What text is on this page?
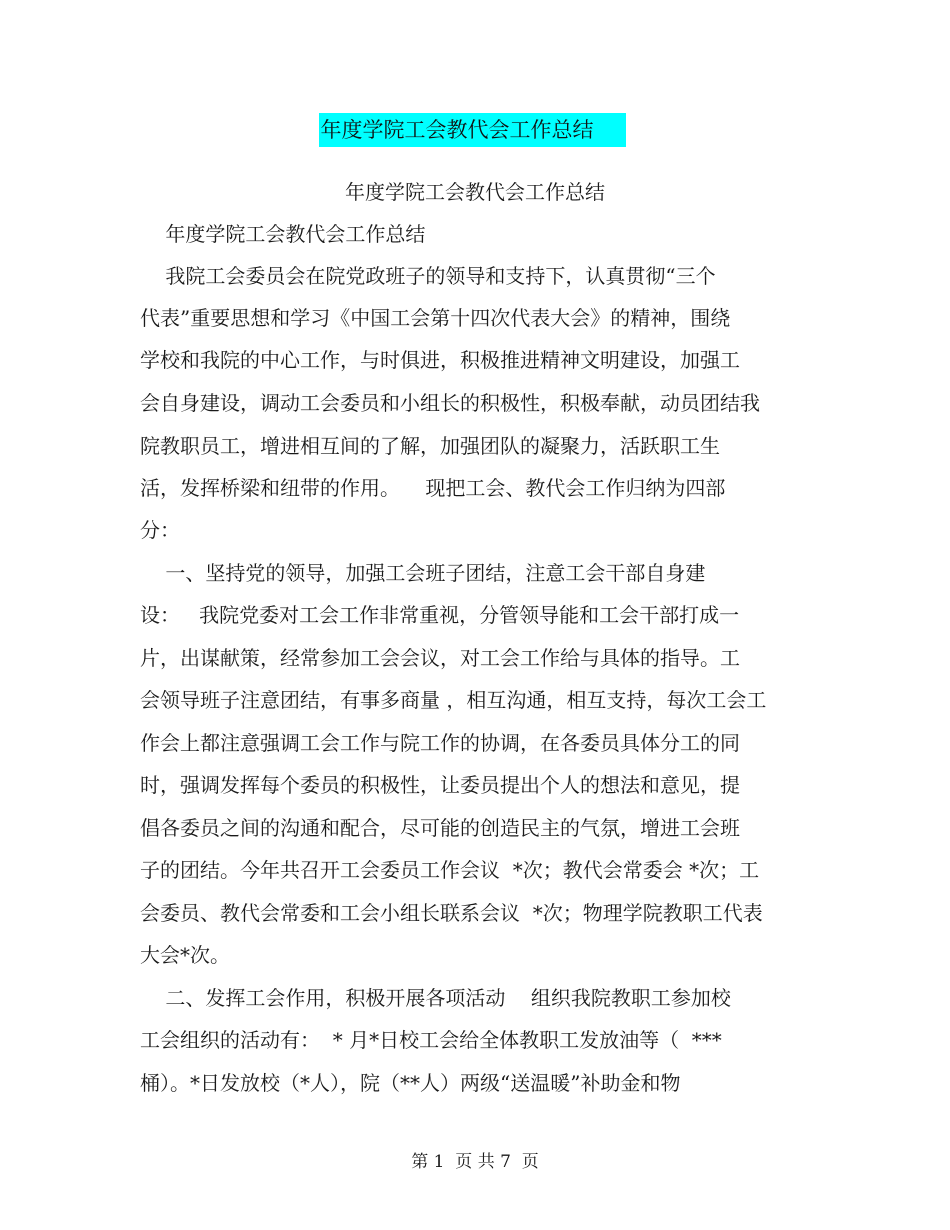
年度学院工会教代会工作总结
年度学院工会教代会工作总结
年度学院工会教代会工作总结
我院工会委员会在院党政班子的领导和支持下，认真贯彻“三个
代表”重要思想和学习《中国工会第十四次代表大会》的精神，围绕
学校和我院的中心工作，与时俱进，积极推进精神文明建设，加强工
会自身建设，调动工会委员和小组长的积极性，积极奉献，动员团结我
院教职员工，增进相互间的了解，加强团队的凝聚力，活跃职工生
活，发挥桥梁和纽带的作用。    现把工会、教代会工作归纳为四部
分：
一、坚持党的领导，加强工会班子团结，注意工会干部自身建
设：   我院党委对工会工作非常重视，分管领导能和工会干部打成一
片，出谋献策，经常参加工会会议，对工会工作给与具体的指导。工
会领导班子注意团结，有事多商量 ，相互沟通，相互支持，每次工会工
作会上都注意强调工会工作与院工作的协调，在各委员具体分工的同
时，强调发挥每个委员的积极性，让委员提出个人的想法和意见，提
倡各委员之间的沟通和配合，尽可能的创造民主的气氛，增进工会班
子的团结。今年共召开工会委员工作会议  *次；教代会常委会 *次；工
会委员、教代会常委和工会小组长联系会议  *次；物理学院教职工代表
大会*次。
二、发挥工会作用，积极开展各项活动    组织我院教职工参加校
工会组织的活动有：  * 月*日校工会给全体教职工发放油等（  ***
桶）。*日发放校（*人），院（**人）两级“送温暖”补助金和物
第 1  页 共 7  页
